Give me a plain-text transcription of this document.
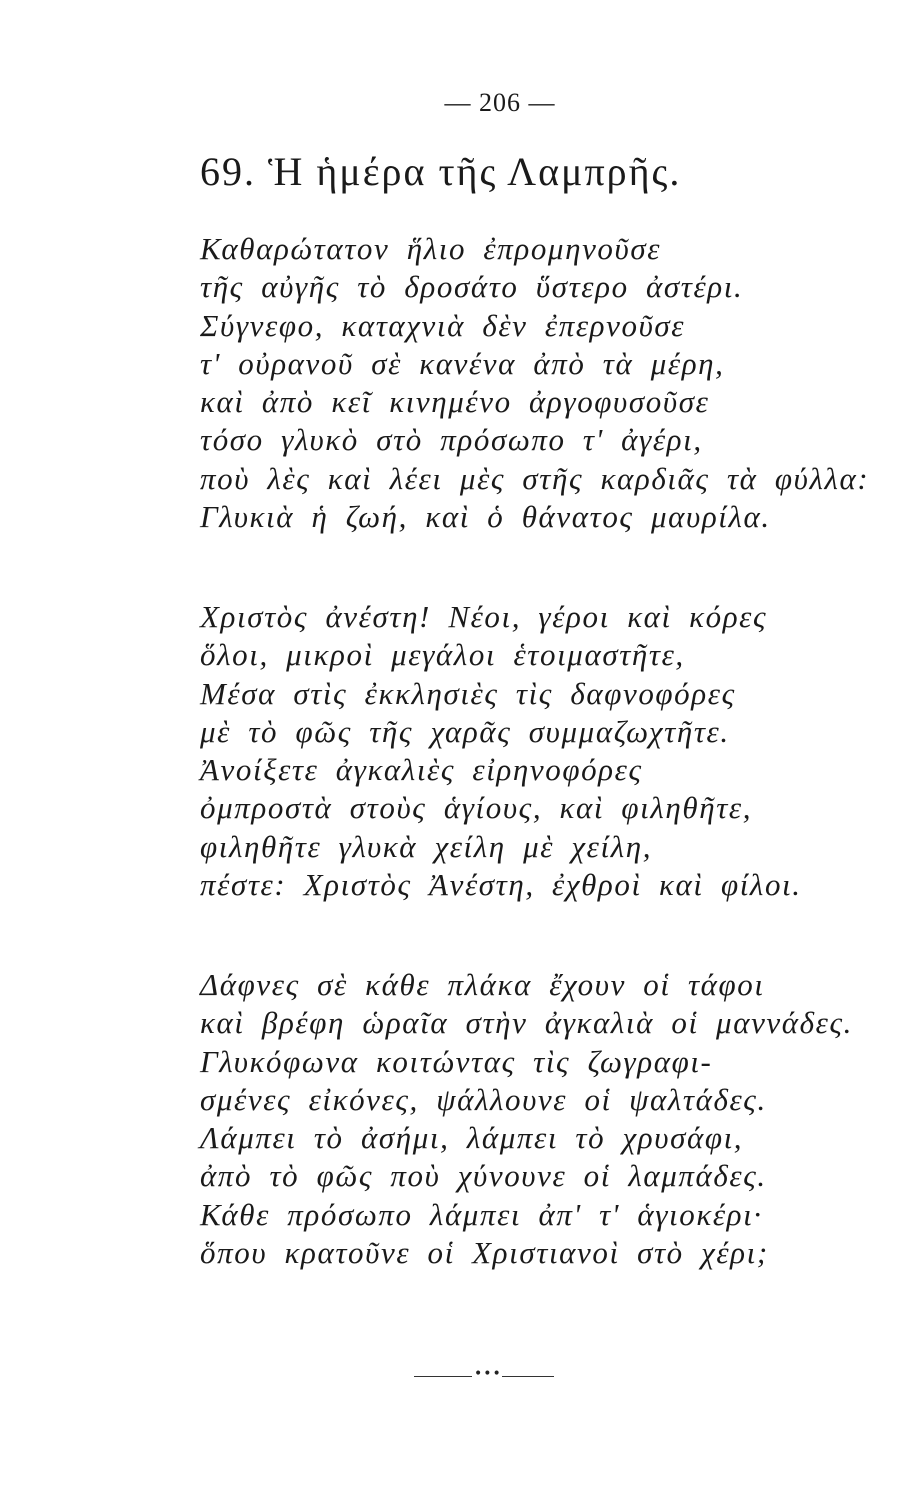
— 206 —
69. Ἡ ἡμέρα τῆς Λαμπρῆς.
Καθαρώτατον ἥλιο ἐπρομηνοῦσε
τῆς αὐγῆς τὸ δροσάτο ὕστερο ἀστέρι.
Σύγνεφο, καταχνιὰ δὲν ἐπερνοῦσε
τ' οὐρανοῦ σὲ κανένα ἀπὸ τὰ μέρη,
καὶ ἀπὸ κεῖ κινημένο ἀργοφυσοῦσε
τόσο γλυκὸ στὸ πρόσωπο τ' ἀγέρι,
ποὺ λὲς καὶ λέει μὲς στῆς καρδιᾶς τὰ φύλλα:
Γλυκιὰ ἡ ζωή, καὶ ὁ θάνατος μαυρίλα.
Χριστὸς ἀνέστη! Νέοι, γέροι καὶ κόρες
ὅλοι, μικροὶ μεγάλοι ἑτοιμαστῆτε,
Μέσα στὶς ἐκκλησιὲς τὶς δαφνοφόρες
μὲ τὸ φῶς τῆς χαρᾶς συμμαζωχτῆτε.
Ἀνοίξετε ἀγκαλιὲς εἰρηνοφόρες
ὀμπροστὰ στοὺς ἁγίους, καὶ φιληθῆτε,
φιληθῆτε γλυκὰ χείλη μὲ χείλη,
πέστε: Χριστὸς Ἀνέστη, ἐχθροὶ καὶ φίλοι.
Δάφνες σὲ κάθε πλάκα ἔχουν οἱ τάφοι
καὶ βρέφη ὡραῖα στὴν ἀγκαλιὰ οἱ μαννάδες.
Γλυκόφωνα κοιτώντας τὶς ζωγραφι-
σμένες εἰκόνες, ψάλλουνε οἱ ψαλτάδες.
Λάμπει τὸ ἀσήμι, λάμπει τὸ χρυσάφι,
ἀπὸ τὸ φῶς ποὺ χύνουνε οἱ λαμπάδες.
Κάθε πρόσωπο λάμπει ἀπ' τ' ἁγιοκέρι·
ὅπου κρατοῦνε οἱ Χριστιανοὶ στὸ χέρι;
•••
